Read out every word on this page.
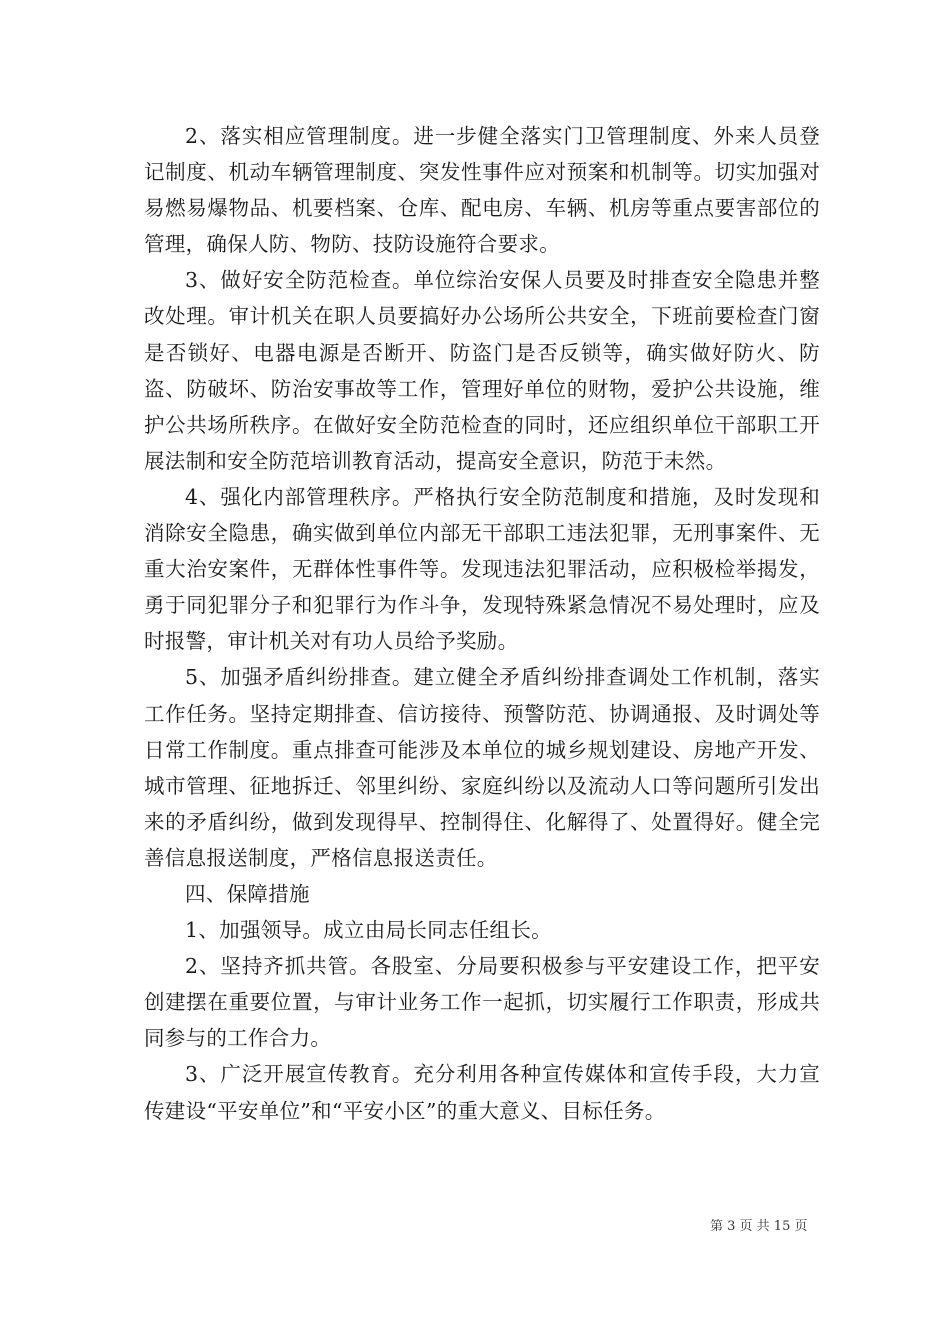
2、落实相应管理制度。进一步健全落实门卫管理制度、外来人员登记制度、机动车辆管理制度、突发性事件应对预案和机制等。切实加强对易燃易爆物品、机要档案、仓库、配电房、车辆、机房等重点要害部位的管理，确保人防、物防、技防设施符合要求。

3、做好安全防范检查。单位综治安保人员要及时排查安全隐患并整改处理。审计机关在职人员要搞好办公场所公共安全，下班前要检查门窗是否锁好、电器电源是否断开、防盗门是否反锁等，确实做好防火、防盗、防破坏、防治安事故等工作，管理好单位的财物，爱护公共设施，维护公共场所秩序。在做好安全防范检查的同时，还应组织单位干部职工开展法制和安全防范培训教育活动，提高安全意识，防范于未然。

4、强化内部管理秩序。严格执行安全防范制度和措施，及时发现和消除安全隐患，确实做到单位内部无干部职工违法犯罪，无刑事案件、无重大治安案件，无群体性事件等。发现违法犯罪活动，应积极检举揭发，勇于同犯罪分子和犯罪行为作斗争，发现特殊紧急情况不易处理时，应及时报警，审计机关对有功人员给予奖励。

5、加强矛盾纠纷排查。建立健全矛盾纠纷排查调处工作机制，落实工作任务。坚持定期排查、信访接待、预警防范、协调通报、及时调处等日常工作制度。重点排查可能涉及本单位的城乡规划建设、房地产开发、城市管理、征地拆迁、邻里纠纷、家庭纠纷以及流动人口等问题所引发出来的矛盾纠纷，做到发现得早、控制得住、化解得了、处置得好。健全完善信息报送制度，严格信息报送责任。

四、保障措施

1、加强领导。成立由局长同志任组长。

2、坚持齐抓共管。各股室、分局要积极参与平安建设工作，把平安创建摆在重要位置，与审计业务工作一起抓，切实履行工作职责，形成共同参与的工作合力。

3、广泛开展宣传教育。充分利用各种宣传媒体和宣传手段，大力宣传建设“平安单位”和“平安小区”的重大意义、目标任务。

第 3 页 共 15 页
